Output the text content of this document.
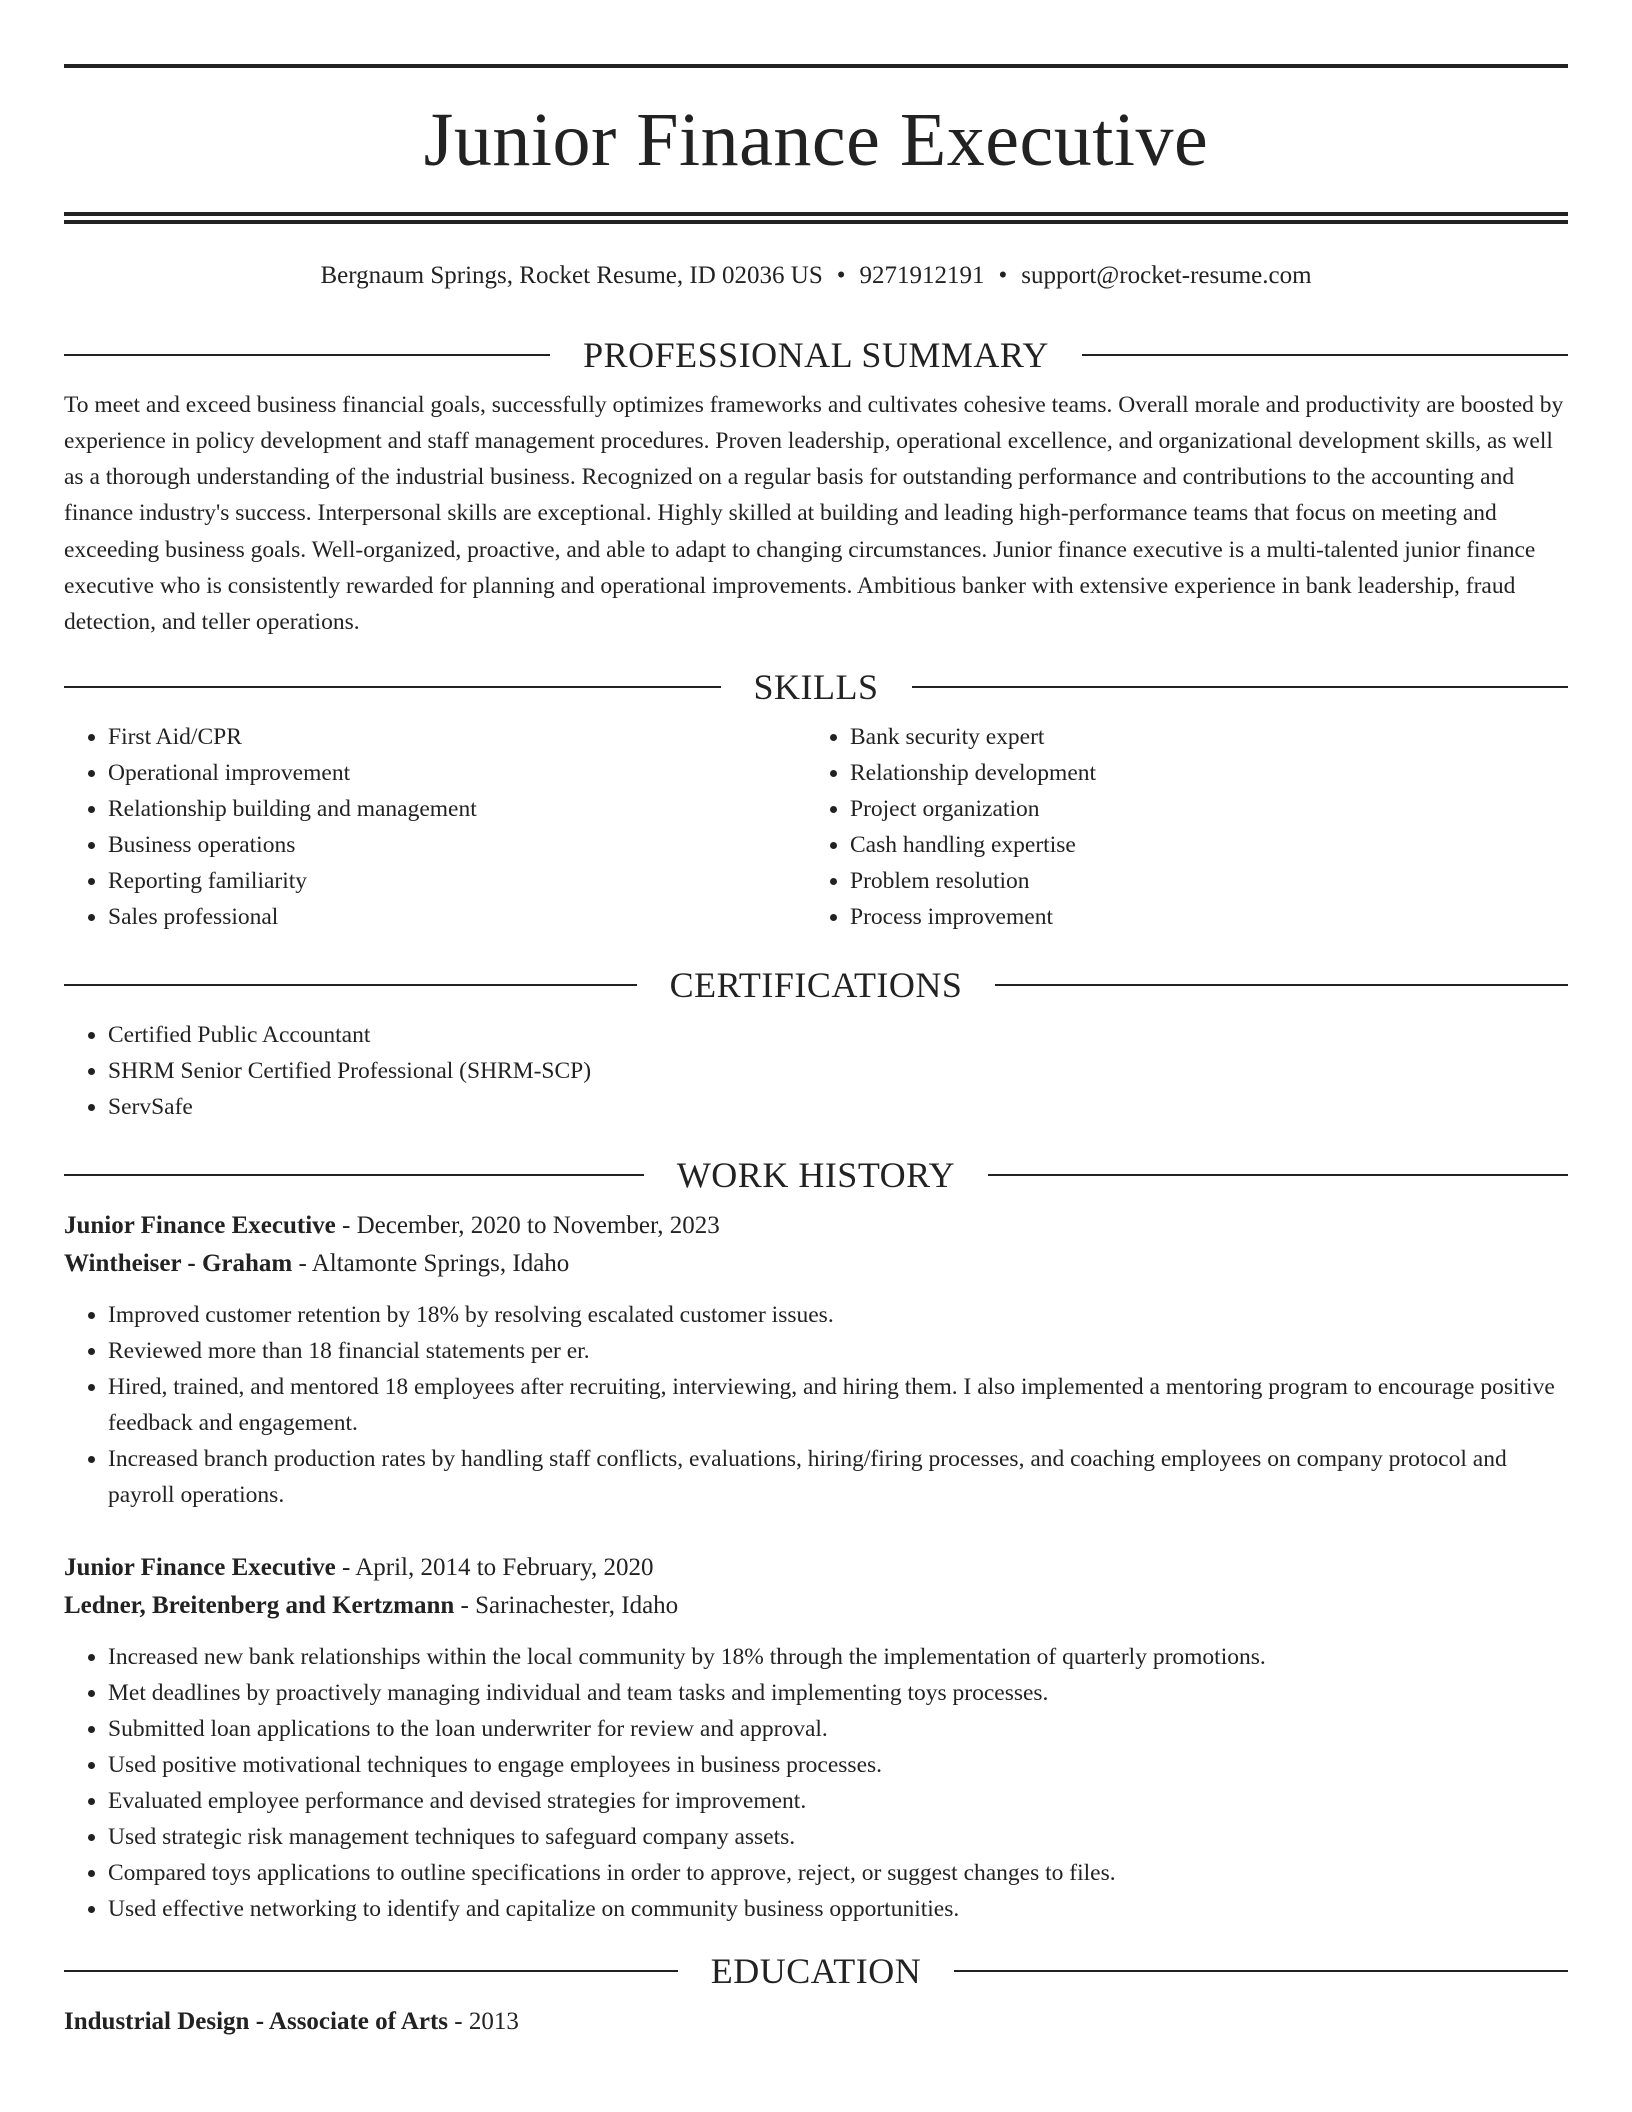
Junior Finance Executive
Bergnaum Springs, Rocket Resume, ID 02036 US • 9271912191 • support@rocket-resume.com
PROFESSIONAL SUMMARY

To meet and exceed business financial goals, successfully optimizes frameworks and cultivates cohesive teams. Overall morale and productivity are boosted by experience in policy development and staff management procedures. Proven leadership, operational excellence, and organizational development skills, as well as a thorough understanding of the industrial business. Recognized on a regular basis for outstanding performance and contributions to the accounting and finance industry's success. Interpersonal skills are exceptional. Highly skilled at building and leading high-performance teams that focus on meeting and exceeding business goals. Well-organized, proactive, and able to adapt to changing circumstances. Junior finance executive is a multi-talented junior finance executive who is consistently rewarded for planning and operational improvements. Ambitious banker with extensive experience in bank leadership, fraud detection, and teller operations.

SKILLS
• First Aid/CPR
• Operational improvement
• Relationship building and management
• Business operations
• Reporting familiarity
• Sales professional
• Bank security expert
• Relationship development
• Project organization
• Cash handling expertise
• Problem resolution
• Process improvement
CERTIFICATIONS
• Certified Public Accountant
• SHRM Senior Certified Professional (SHRM-SCP)
• ServSafe
WORK HISTORY
Junior Finance Executive - December, 2020 to November, 2023
Wintheiser - Graham - Altamonte Springs, Idaho
• Improved customer retention by 18% by resolving escalated customer issues.
• Reviewed more than 18 financial statements per er.
• Hired, trained, and mentored 18 employees after recruiting, interviewing, and hiring them. I also implemented a mentoring program to encourage positive feedback and engagement.
• Increased branch production rates by handling staff conflicts, evaluations, hiring/firing processes, and coaching employees on company protocol and payroll operations.
Junior Finance Executive - April, 2014 to February, 2020
Ledner, Breitenberg and Kertzmann - Sarinachester, Idaho
• Increased new bank relationships within the local community by 18% through the implementation of quarterly promotions.
• Met deadlines by proactively managing individual and team tasks and implementing toys processes.
• Submitted loan applications to the loan underwriter for review and approval.
• Used positive motivational techniques to engage employees in business processes.
• Evaluated employee performance and devised strategies for improvement.
• Used strategic risk management techniques to safeguard company assets.
• Compared toys applications to outline specifications in order to approve, reject, or suggest changes to files.
• Used effective networking to identify and capitalize on community business opportunities.
EDUCATION
Industrial Design - Associate of Arts - 2013
